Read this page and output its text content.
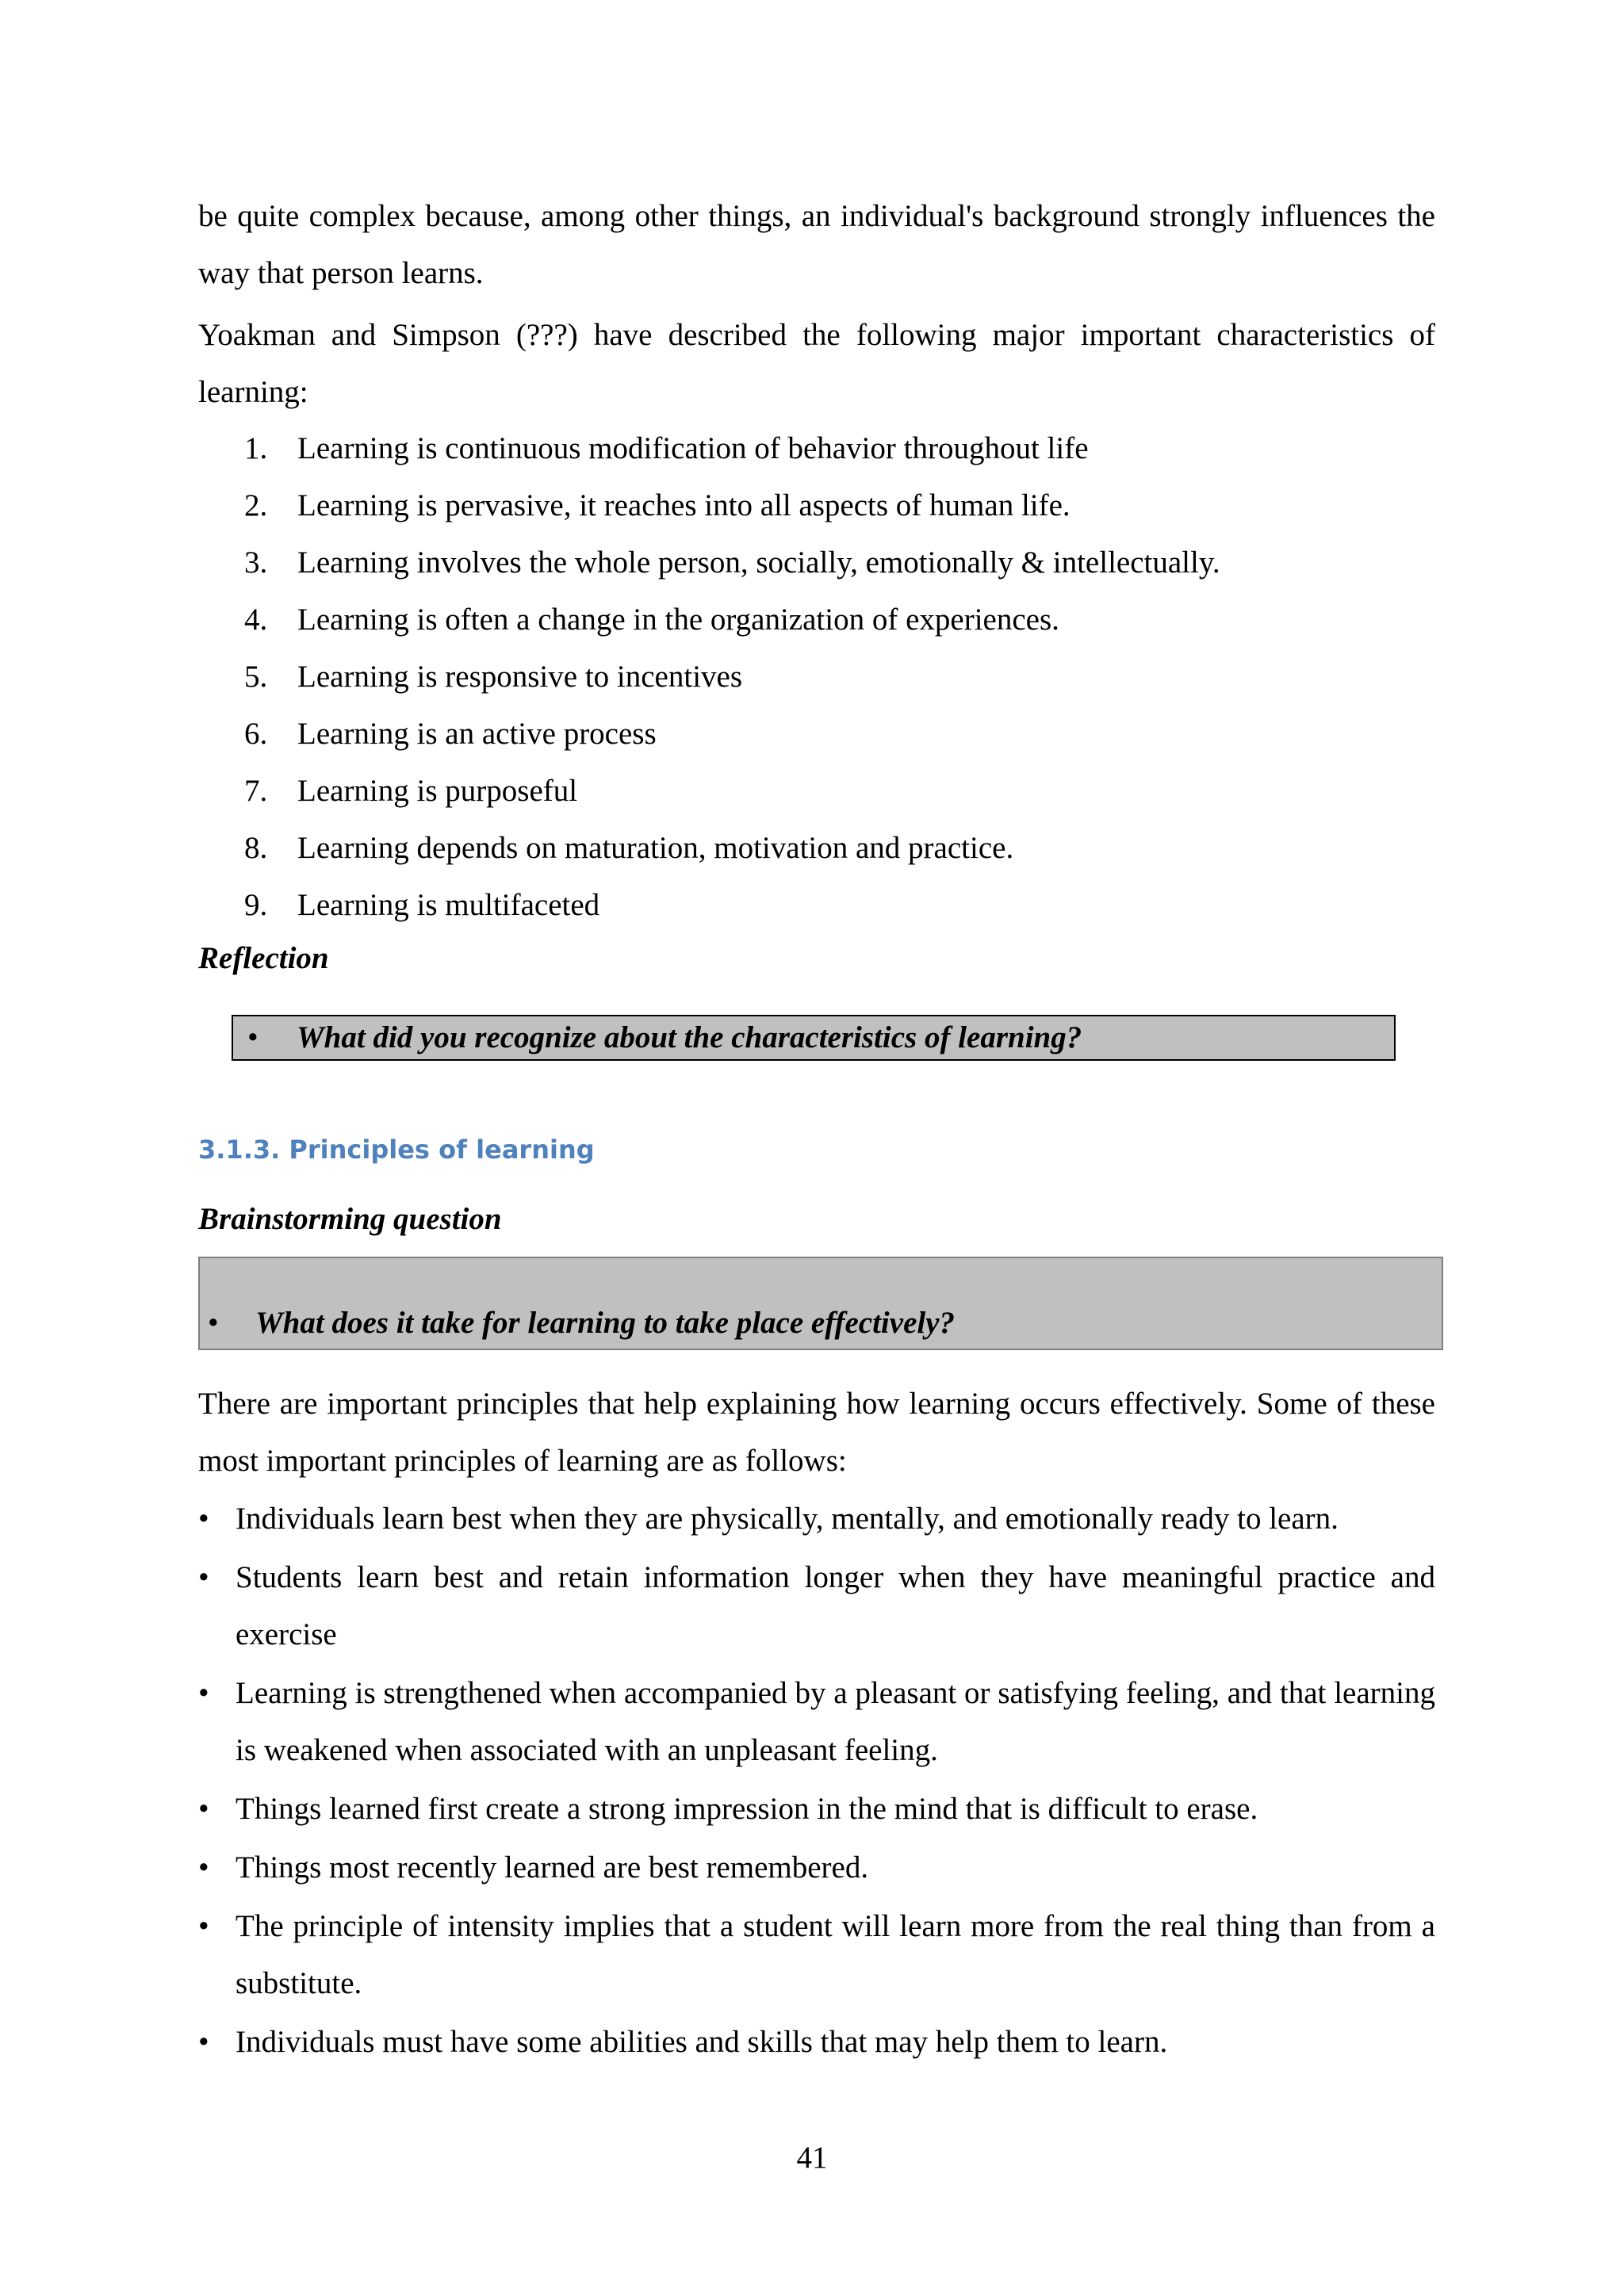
be quite complex because, among other things, an individual's background strongly influences the way that person learns.

Yoakman and Simpson (???) have described the following major important characteristics of learning:

1. Learning is continuous modification of behavior throughout life
2. Learning is pervasive, it reaches into all aspects of human life.
3. Learning involves the whole person, socially, emotionally & intellectually.
4. Learning is often a change in the organization of experiences.
5. Learning is responsive to incentives
6. Learning is an active process
7. Learning is purposeful
8. Learning depends on maturation, motivation and practice.
9. Learning is multifaceted
Reflection
• What did you recognize about the characteristics of learning?
3.1.3. Principles of learning
Brainstorming question
• What does it take for learning to take place effectively?

There are important principles that help explaining how learning occurs effectively. Some of these most important principles of learning are as follows:

• Individuals learn best when they are physically, mentally, and emotionally ready to learn.
• Students learn best and retain information longer when they have meaningful practice and exercise
• Learning is strengthened when accompanied by a pleasant or satisfying feeling, and that learning is weakened when associated with an unpleasant feeling.
• Things learned first create a strong impression in the mind that is difficult to erase.
• Things most recently learned are best remembered.
• The principle of intensity implies that a student will learn more from the real thing than from a substitute.
• Individuals must have some abilities and skills that may help them to learn.
41
